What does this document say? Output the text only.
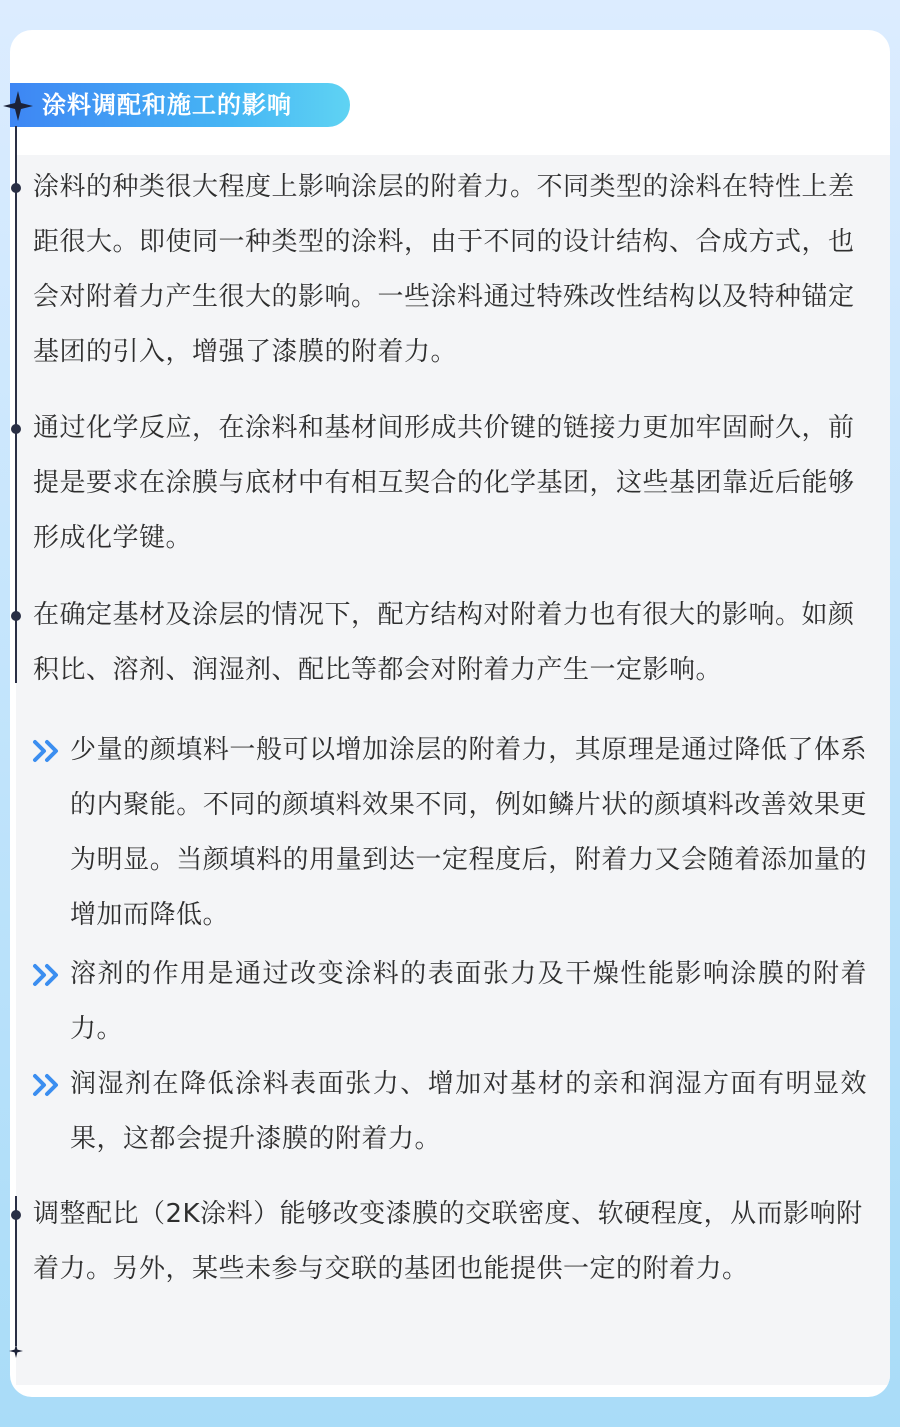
涂料调配和施工的影响

涂料的种类很大程度上影响涂层的附着力。不同类型的涂料在特性上差距很大。即使同一种类型的涂料，由于不同的设计结构、合成方式，也会对附着力产生很大的影响。一些涂料通过特殊改性结构以及特种锚定基团的引入，增强了漆膜的附着力。

通过化学反应，在涂料和基材间形成共价键的链接力更加牢固耐久，前提是要求在涂膜与底材中有相互契合的化学基团，这些基团靠近后能够形成化学键。

在确定基材及涂层的情况下，配方结构对附着力也有很大的影响。如颜积比、溶剂、润湿剂、配比等都会对附着力产生一定影响。

少量的颜填料一般可以增加涂层的附着力，其原理是通过降低了体系的内聚能。不同的颜填料效果不同，例如鳞片状的颜填料改善效果更为明显。当颜填料的用量到达一定程度后，附着力又会随着添加量的增加而降低。

溶剂的作用是通过改变涂料的表面张力及干燥性能影响涂膜的附着力。

润湿剂在降低涂料表面张力、增加对基材的亲和润湿方面有明显效果，这都会提升漆膜的附着力。

调整配比（2K涂料）能够改变漆膜的交联密度、软硬程度，从而影响附着力。另外，某些未参与交联的基团也能提供一定的附着力。
